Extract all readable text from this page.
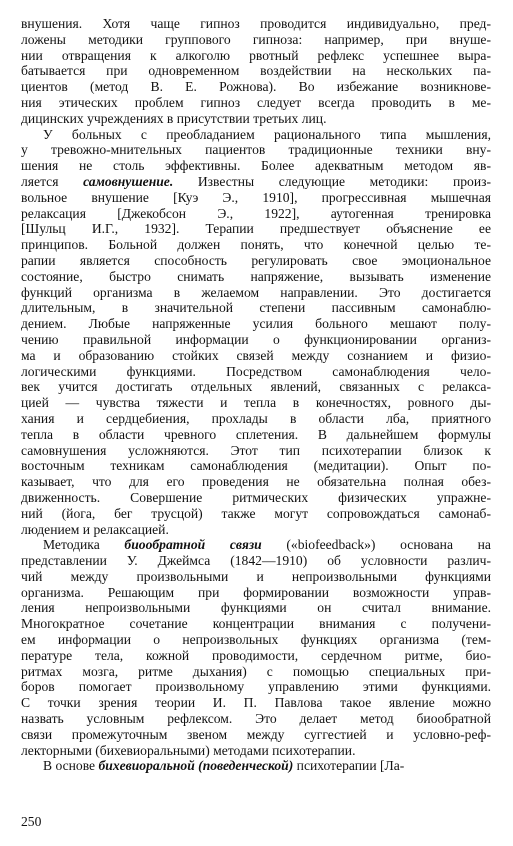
внушения. Хотя чаще гипноз проводится индивидуально, пред-

ложены методики группового гипноза: например, при внуше-

нии отвращения к алкоголю рвотный рефлекс успешнее выра-

батывается при одновременном воздействии на нескольких па-

циентов (метод В. Е. Рожнова). Во избежание возникнове-

ния этических проблем гипноз следует всегда проводить в ме-

дицинских учреждениях в присутствии третьих лиц.

У больных с преобладанием рационального типа мышления,

у тревожно-мнительных пациентов традиционные техники вну-

шения не столь эффективны. Более адекватным методом яв-

ляется самовнушение. Известны следующие методики: произ-

вольное внушение [Куэ Э., 1910], прогрессивная мышечная

релаксация [Джекобсон Э., 1922], аутогенная тренировка

[Шульц И.Г., 1932]. Терапии предшествует объяснение ее

принципов. Больной должен понять, что конечной целью те-

рапии является способность регулировать свое эмоциональное

состояние, быстро снимать напряжение, вызывать изменение

функций организма в желаемом направлении. Это достигается

длительным, в значительной степени пассивным самонаблю-

дением. Любые напряженные усилия больного мешают полу-

чению правильной информации о функционировании организ-

ма и образованию стойких связей между сознанием и физио-

логическими функциями. Посредством самонаблюдения чело-

век учится достигать отдельных явлений, связанных с релакса-

цией — чувства тяжести и тепла в конечностях, ровного ды-

хания и сердцебиения, прохлады в области лба, приятного

тепла в области чревного сплетения. В дальнейшем формулы

самовнушения усложняются. Этот тип психотерапии близок к

восточным техникам самонаблюдения (медитации). Опыт по-

казывает, что для его проведения не обязательна полная обез-

движенность. Совершение ритмических физических упражне-

ний (йога, бег трусцой) также могут сопровождаться самонаб-

людением и релаксацией.

Методика биообратной связи («biofeedback») основана на

представлении У. Джеймса (1842—1910) об условности различ-

чий между произвольными и непроизвольными функциями

организма. Решающим при формировании возможности управ-

ления непроизвольными функциями он считал внимание.

Многократное сочетание концентрации внимания с получени-

ем информации о непроизвольных функциях организма (тем-

пературе тела, кожной проводимости, сердечном ритме, био-

ритмах мозга, ритме дыхания) с помощью специальных при-

боров помогает произвольному управлению этими функциями.

С точки зрения теории И. П. Павлова такое явление можно

назвать условным рефлексом. Это делает метод биообратной

связи промежуточным звеном между суггестией и условно-реф-

лекторными (бихевиоральными) методами психотерапии.

В основе бихевиоральной (поведенческой) психотерапии [Ла-

250
